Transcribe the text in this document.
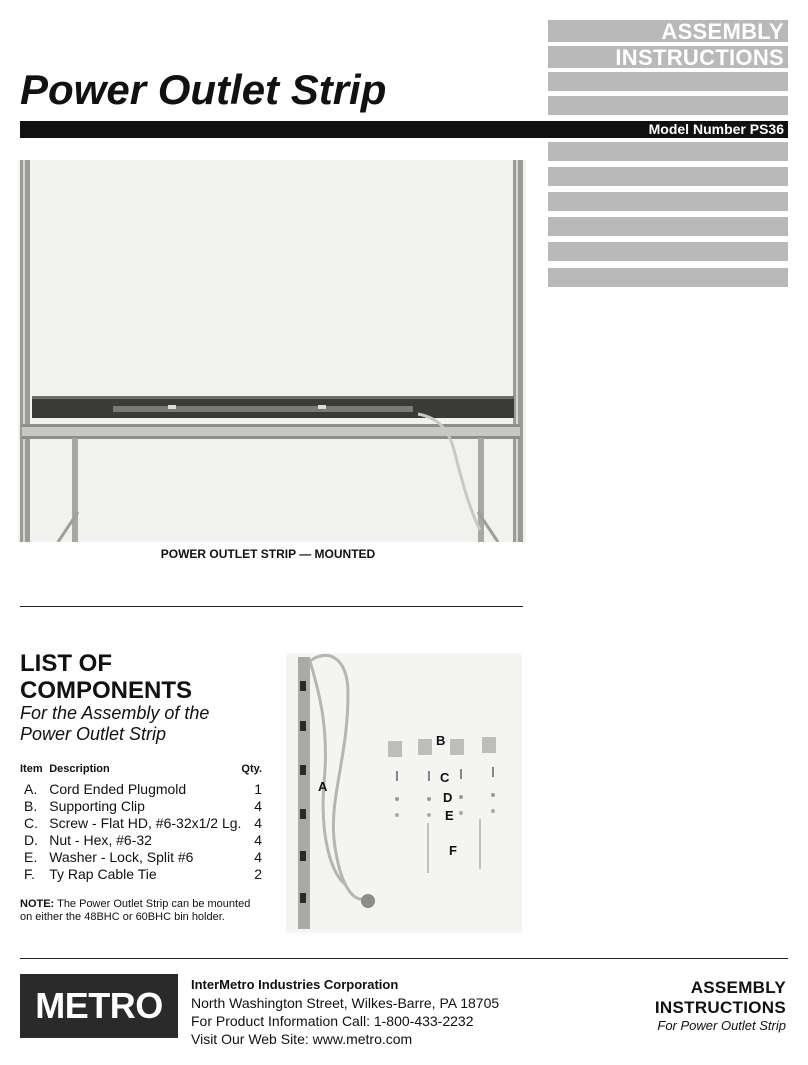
ASSEMBLY
INSTRUCTIONS
Power Outlet Strip
Model Number PS36
POWER OUTLET STRIP — MOUNTED
LIST OF
COMPONENTS
For the Assembly of the
Power Outlet Strip
Item	Description	Qty.
A.	Cord Ended Plugmold	1
B.	Supporting Clip	4
C.	Screw - Flat HD, #6-32x1/2 Lg.	4
D.	Nut - Hex, #6-32	4
E.	Washer - Lock, Split #6	4
F.	Ty Rap Cable Tie	2
NOTE: The Power Outlet Strip can be mounted on either the 48BHC or 60BHC bin holder.
A
B
C
D
E
F
METRO
InterMetro Industries Corporation
North Washington Street, Wilkes-Barre, PA 18705
For Product Information Call: 1-800-433-2232
Visit Our Web Site: www.metro.com
ASSEMBLY
INSTRUCTIONS
For Power Outlet Strip
